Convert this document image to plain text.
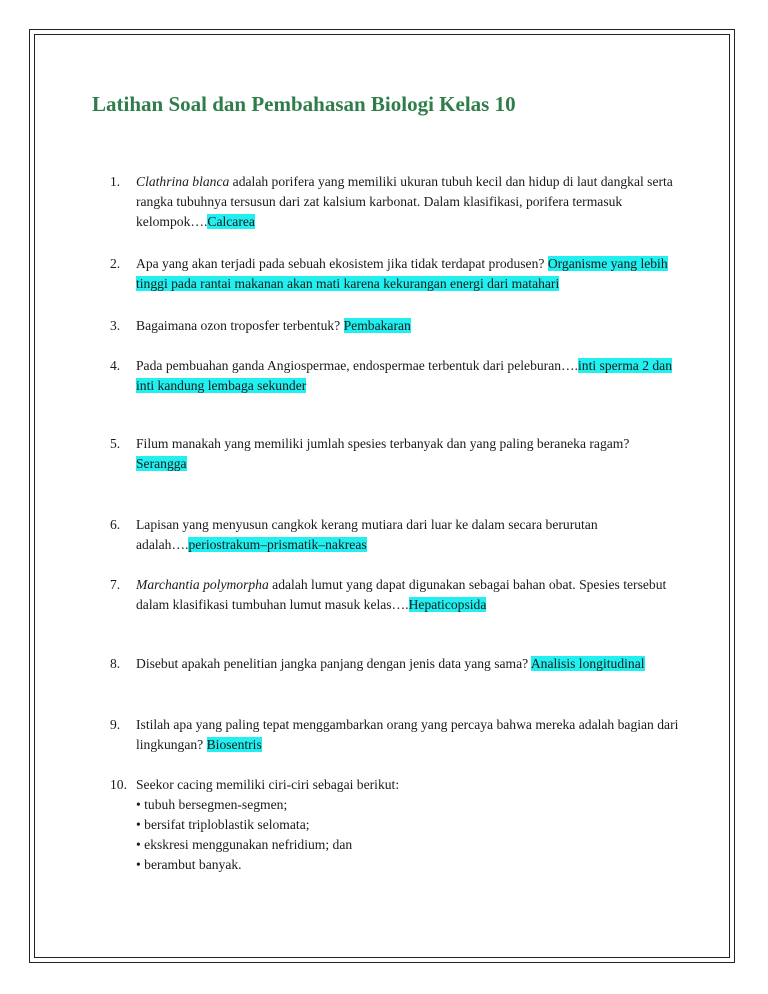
Latihan Soal dan Pembahasan Biologi Kelas 10
1. Clathrina blanca adalah porifera yang memiliki ukuran tubuh kecil dan hidup di laut dangkal serta rangka tubuhnya tersusun dari zat kalsium karbonat. Dalam klasifikasi, porifera termasuk kelompok….Calcarea
2. Apa yang akan terjadi pada sebuah ekosistem jika tidak terdapat produsen? Organisme yang lebih tinggi pada rantai makanan akan mati karena kekurangan energi dari matahari
3. Bagaimana ozon troposfer terbentuk? Pembakaran
4. Pada pembuahan ganda Angiospermae, endospermae terbentuk dari peleburan….inti sperma 2 dan inti kandung lembaga sekunder
5. Filum manakah yang memiliki jumlah spesies terbanyak dan yang paling beraneka ragam? Serangga
6. Lapisan yang menyusun cangkok kerang mutiara dari luar ke dalam secara berurutan adalah….periostrakum–prismatik–nakreas
7. Marchantia polymorpha adalah lumut yang dapat digunakan sebagai bahan obat. Spesies tersebut dalam klasifikasi tumbuhan lumut masuk kelas….Hepaticopsida
8. Disebut apakah penelitian jangka panjang dengan jenis data yang sama? Analisis longitudinal
9. Istilah apa yang paling tepat menggambarkan orang yang percaya bahwa mereka adalah bagian dari lingkungan? Biosentris
10. Seekor cacing memiliki ciri-ciri sebagai berikut:
• tubuh bersegmen-segmen;
• bersifat triploblastik selomata;
• ekskresi menggunakan nefridium; dan
• berambut banyak.
